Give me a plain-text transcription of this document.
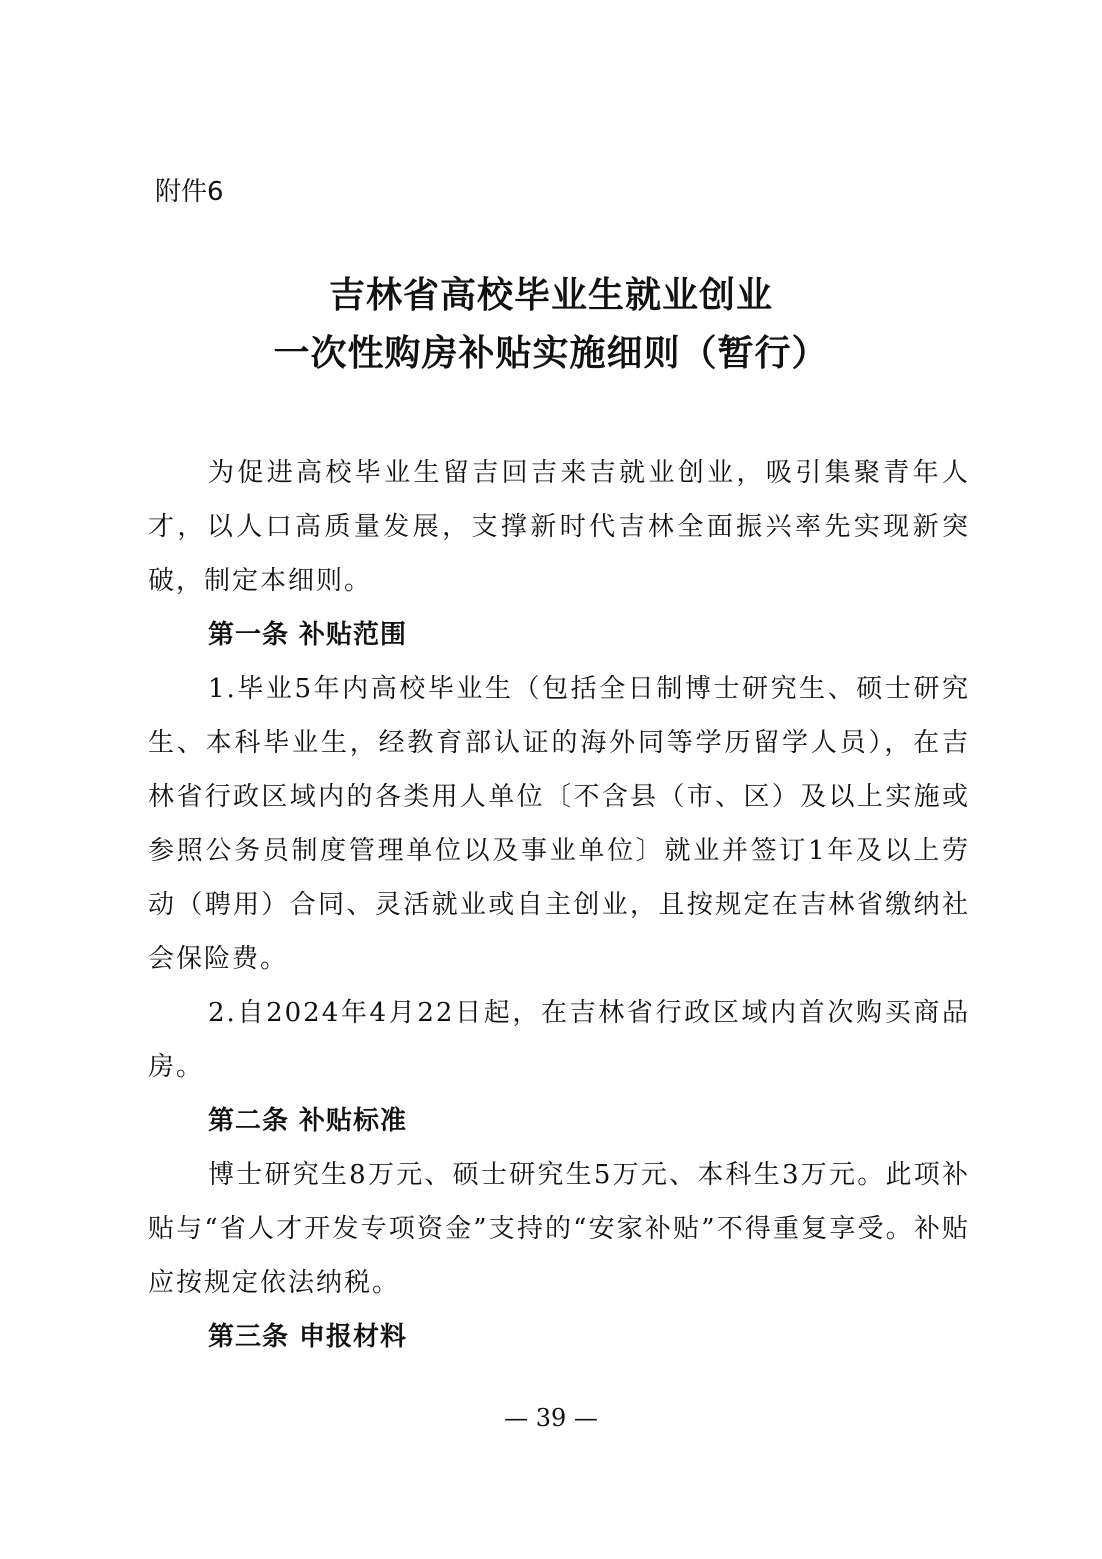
附件6
吉林省高校毕业生就业创业
一次性购房补贴实施细则（暂行）

为促进高校毕业生留吉回吉来吉就业创业，吸引集聚青年人才，以人口高质量发展，支撑新时代吉林全面振兴率先实现新突破，制定本细则。

第一条 补贴范围

1.毕业5年内高校毕业生（包括全日制博士研究生、硕士研究生、本科毕业生，经教育部认证的海外同等学历留学人员），在吉林省行政区域内的各类用人单位〔不含县（市、区）及以上实施或参照公务员制度管理单位以及事业单位〕就业并签订1年及以上劳动（聘用）合同、灵活就业或自主创业，且按规定在吉林省缴纳社会保险费。

2.自2024年4月22日起，在吉林省行政区域内首次购买商品房。

第二条 补贴标准

博士研究生8万元、硕士研究生5万元、本科生3万元。此项补贴与“省人才开发专项资金”支持的“安家补贴”不得重复享受。补贴应按规定依法纳税。

第三条 申报材料

— 39 —
